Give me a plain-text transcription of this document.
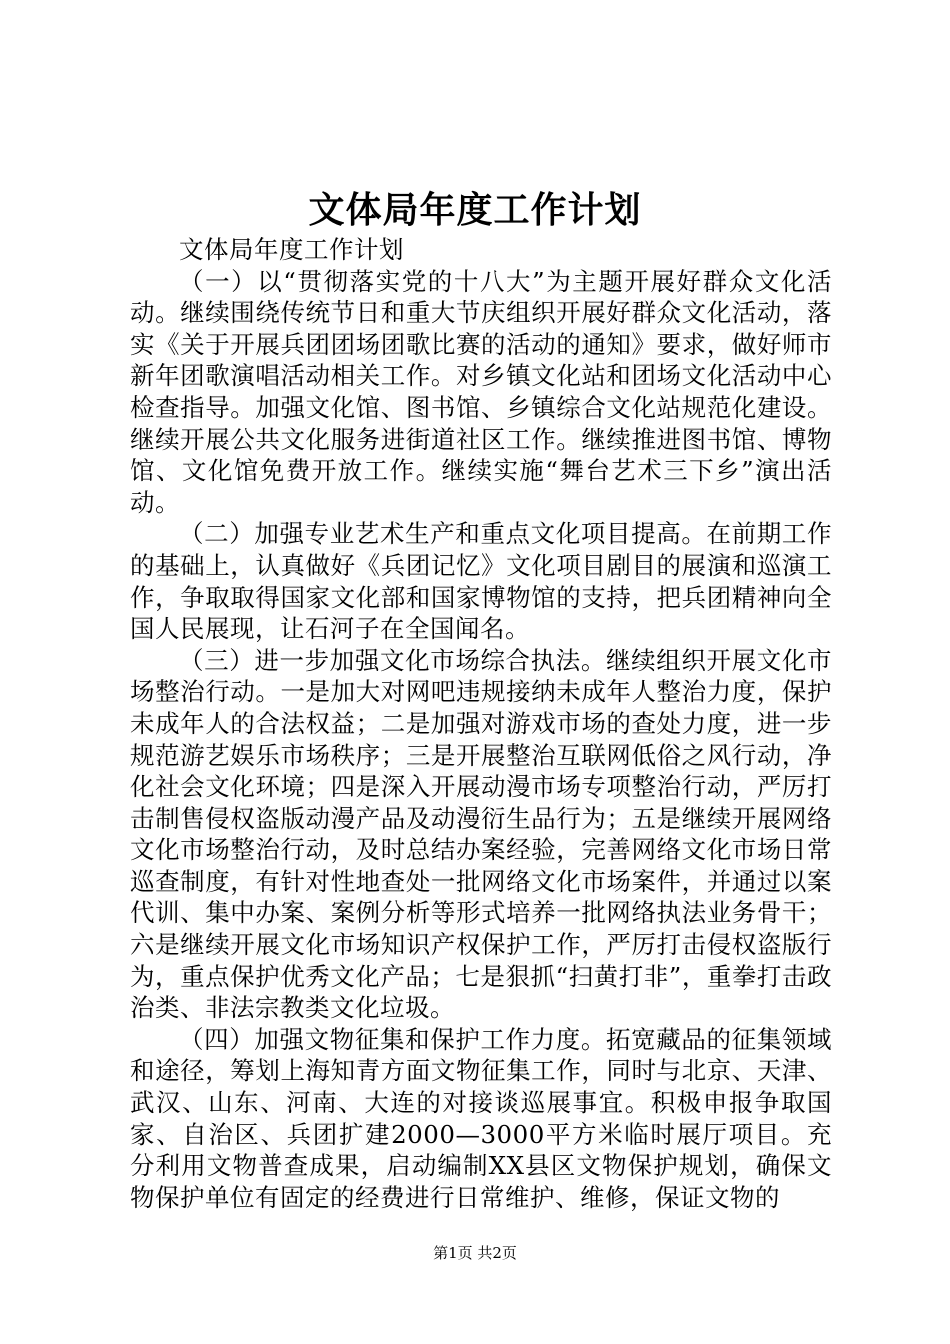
文体局年度工作计划

文体局年度工作计划

（一）以“贯彻落实党的十八大”为主题开展好群众文化活动。继续围绕传统节日和重大节庆组织开展好群众文化活动，落实《关于开展兵团团场团歌比赛的活动的通知》要求，做好师市新年团歌演唱活动相关工作。对乡镇文化站和团场文化活动中心检查指导。加强文化馆、图书馆、乡镇综合文化站规范化建设。继续开展公共文化服务进街道社区工作。继续推进图书馆、博物馆、文化馆免费开放工作。继续实施“舞台艺术三下乡”演出活动。

（二）加强专业艺术生产和重点文化项目提高。在前期工作的基础上，认真做好《兵团记忆》文化项目剧目的展演和巡演工作，争取取得国家文化部和国家博物馆的支持，把兵团精神向全国人民展现，让石河子在全国闻名。

（三）进一步加强文化市场综合执法。继续组织开展文化市场整治行动。一是加大对网吧违规接纳未成年人整治力度，保护未成年人的合法权益；二是加强对游戏市场的查处力度，进一步规范游艺娱乐市场秩序；三是开展整治互联网低俗之风行动，净化社会文化环境；四是深入开展动漫市场专项整治行动，严厉打击制售侵权盗版动漫产品及动漫衍生品行为；五是继续开展网络文化市场整治行动，及时总结办案经验，完善网络文化市场日常巡查制度，有针对性地查处一批网络文化市场案件，并通过以案代训、集中办案、案例分析等形式培养一批网络执法业务骨干；六是继续开展文化市场知识产权保护工作，严厉打击侵权盗版行为，重点保护优秀文化产品；七是狠抓“扫黄打非”，重拳打击政治类、非法宗教类文化垃圾。

（四）加强文物征集和保护工作力度。拓宽藏品的征集领域和途径，筹划上海知青方面文物征集工作，同时与北京、天津、武汉、山东、河南、大连的对接谈巡展事宜。积极申报争取国家、自治区、兵团扩建2000—3000平方米临时展厅项目。充分利用文物普查成果，启动编制XX县区文物保护规划，确保文物保护单位有固定的经费进行日常维护、维修，保证文物的

第1页 共2页
